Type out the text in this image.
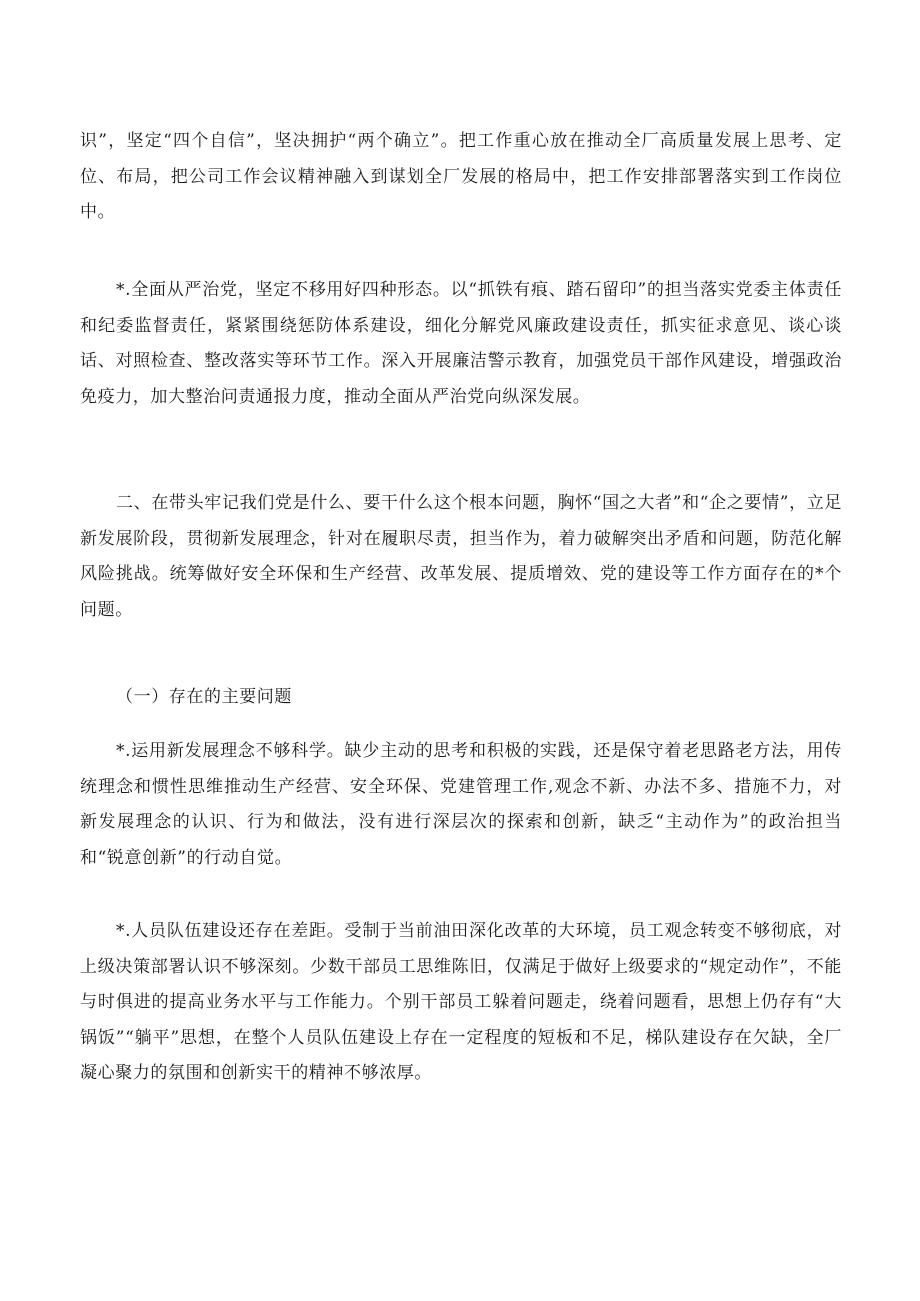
识”，坚定“四个自信”，坚决拥护“两个确立”。把工作重心放在推动全厂高质量发展上思考、定位、布局，把公司工作会议精神融入到谋划全厂发展的格局中，把工作安排部署落实到工作岗位中。

*.全面从严治党，坚定不移用好四种形态。以“抓铁有痕、踏石留印”的担当落实党委主体责任和纪委监督责任，紧紧围绕惩防体系建设，细化分解党风廉政建设责任，抓实征求意见、谈心谈话、对照检查、整改落实等环节工作。深入开展廉洁警示教育，加强党员干部作风建设，增强政治免疫力，加大整治问责通报力度，推动全面从严治党向纵深发展。

二、在带头牢记我们党是什么、要干什么这个根本问题，胸怀“国之大者”和“企之要情”，立足新发展阶段，贯彻新发展理念，针对在履职尽责，担当作为，着力破解突出矛盾和问题，防范化解风险挑战。统筹做好安全环保和生产经营、改革发展、提质增效、党的建设等工作方面存在的*个问题。

（一）存在的主要问题

*.运用新发展理念不够科学。缺少主动的思考和积极的实践，还是保守着老思路老方法，用传统理念和惯性思维推动生产经营、安全环保、党建管理工作,观念不新、办法不多、措施不力，对新发展理念的认识、行为和做法，没有进行深层次的探索和创新，缺乏“主动作为”的政治担当和“锐意创新”的行动自觉。

*.人员队伍建设还存在差距。受制于当前油田深化改革的大环境，员工观念转变不够彻底，对上级决策部署认识不够深刻。少数干部员工思维陈旧，仅满足于做好上级要求的“规定动作”，不能与时俱进的提高业务水平与工作能力。个别干部员工躲着问题走，绕着问题看，思想上仍存有“大锅饭”“躺平”思想，在整个人员队伍建设上存在一定程度的短板和不足，梯队建设存在欠缺，全厂凝心聚力的氛围和创新实干的精神不够浓厚。
